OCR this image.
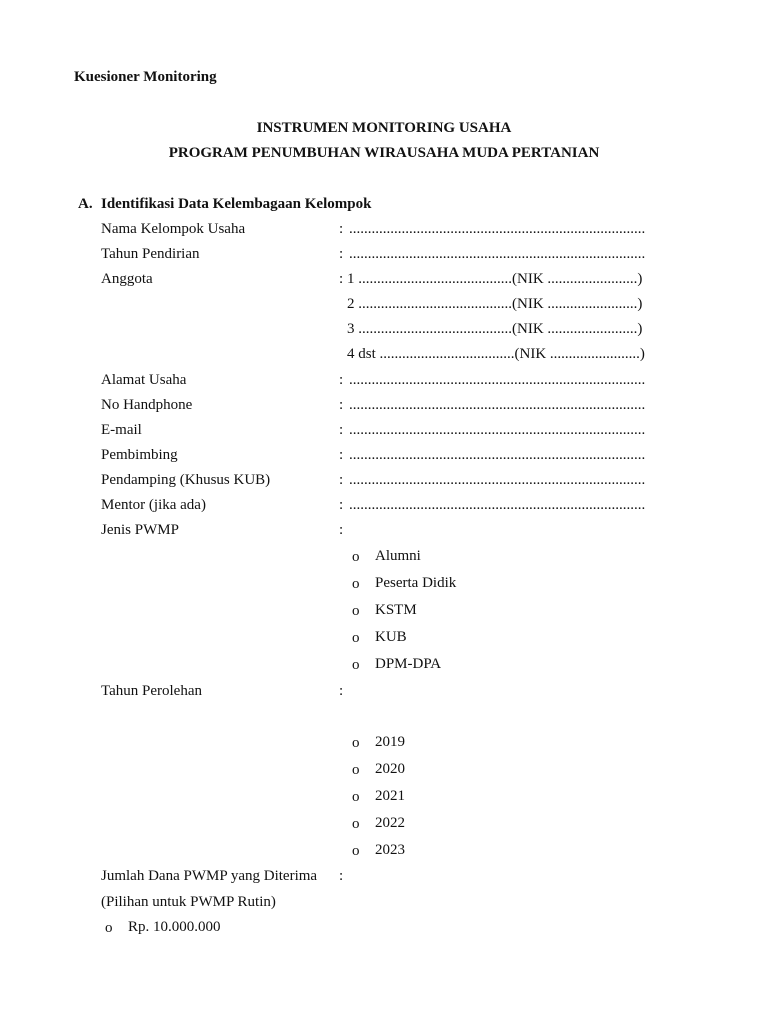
Kuesioner Monitoring
INSTRUMEN MONITORING USAHA
PROGRAM PENUMBUHAN WIRAUSAHA MUDA PERTANIAN
A. Identifikasi Data Kelembagaan Kelompok
Nama Kelompok Usaha	: ...............................................................................
Tahun Pendirian	: ...............................................................................
Anggota	: 1 .........................................(NIK ........................)
2 .........................................(NIK ........................)
3 .........................................(NIK ........................)
4 dst ....................................(NIK ........................)
Alamat Usaha	: ...............................................................................
No Handphone	: ...............................................................................
E-mail	: ...............................................................................
Pembimbing	: ...............................................................................
Pendamping (Khusus KUB)	: ...............................................................................
Mentor (jika ada)	: ...............................................................................
Jenis PWMP	:
o Alumni
o Peserta Didik
o KSTM
o KUB
o DPM-DPA
Tahun Perolehan	:
o 2019
o 2020
o 2021
o 2022
o 2023
Jumlah Dana PWMP yang Diterima :
(Pilihan untuk PWMP Rutin)
o Rp. 10.000.000
